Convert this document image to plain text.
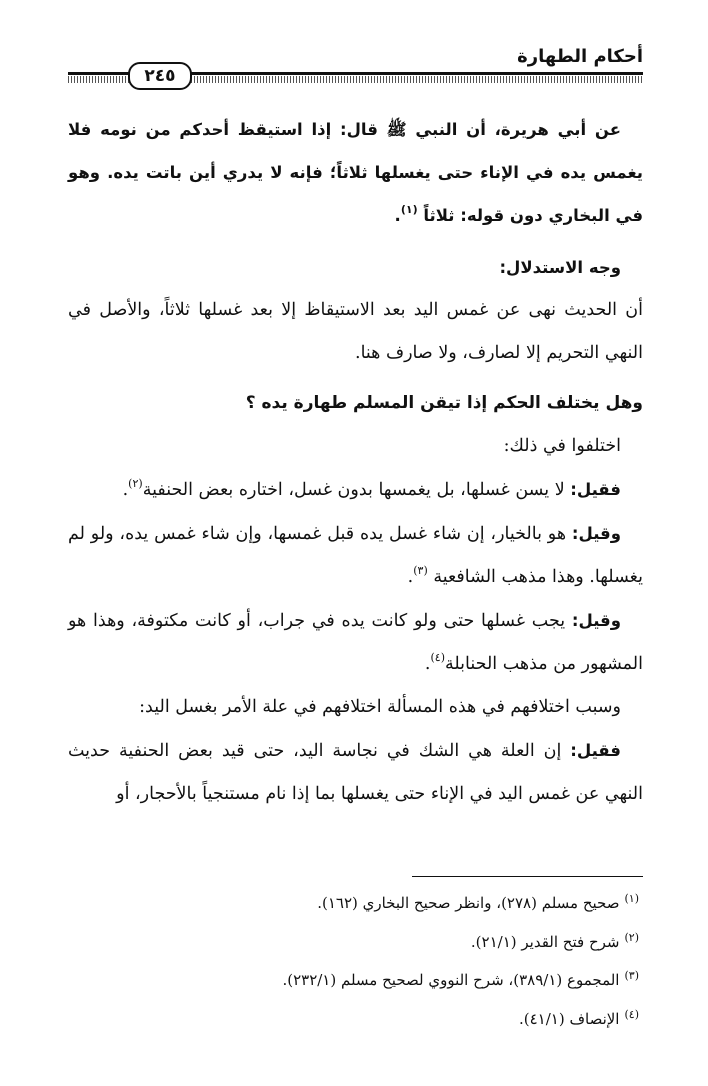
أحكام الطهارة
٢٤٥

عن أبي هريرة، أن النبي ﷺ قال: إذا استيقظ أحدكم من نومه فلا يغمس يده في الإناء حتى يغسلها ثلاثاً؛ فإنه لا يدري أين باتت يده. وهو في البخاري دون قوله: ثلاثاً $^{(١)}$.

وجه الاستدلال:

أن الحديث نهى عن غمس اليد بعد الاستيقاظ إلا بعد غسلها ثلاثاً، والأصل في النهي التحريم إلا لصارف، ولا صارف هنا.

وهل يختلف الحكم إذا تيقن المسلم طهارة يده ؟

اختلفوا في ذلك:

فقيل: لا يسن غسلها، بل يغمسها بدون غسل، اختاره بعض الحنفية$^{(٢)}$.

وقيل: هو بالخيار، إن شاء غسل يده قبل غمسها، وإن شاء غمس يده، ولو لم يغسلها. وهذا مذهب الشافعية $^{(٣)}$.

وقيل: يجب غسلها حتى ولو كانت يده في جراب، أو كانت مكتوفة، وهذا هو المشهور من مذهب الحنابلة$^{(٤)}$.

وسبب اختلافهم في هذه المسألة اختلافهم في علة الأمر بغسل اليد:

فقيل: إن العلة هي الشك في نجاسة اليد، حتى قيد بعض الحنفية حديث النهي عن غمس اليد في الإناء حتى يغسلها بما إذا نام مستنجياً بالأحجار، أو

$^{(١)}$صحيح مسلم (٢٧٨)، وانظر صحيح البخاري (١٦٢).

$^{(٢)}$شرح فتح القدير (٢١/١).

$^{(٣)}$المجموع (٣٨٩/١)، شرح النووي لصحيح مسلم (٢٣٢/١).

$^{(٤)}$الإنصاف (٤١/١).
